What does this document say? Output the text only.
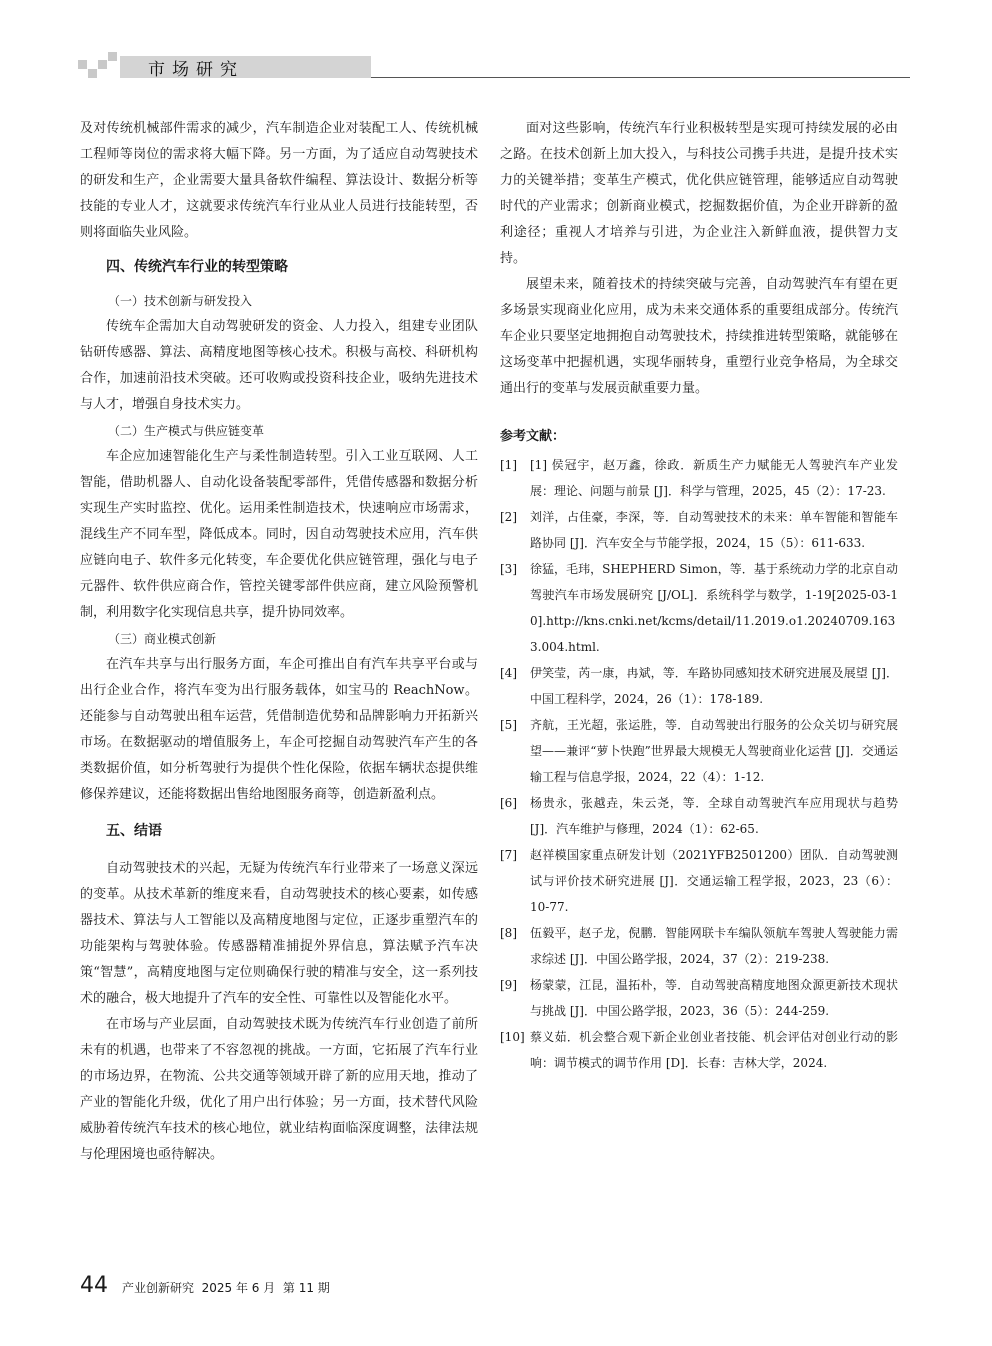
市场研究

及对传统机械部件需求的减少，汽车制造企业对装配工人、传统机械工程师等岗位的需求将大幅下降。另一方面，为了适应自动驾驶技术的研发和生产，企业需要大量具备软件编程、算法设计、数据分析等技能的专业人才，这就要求传统汽车行业从业人员进行技能转型，否则将面临失业风险。

四、传统汽车行业的转型策略
（一）技术创新与研发投入

传统车企需加大自动驾驶研发的资金、人力投入，组建专业团队钻研传感器、算法、高精度地图等核心技术。积极与高校、科研机构合作，加速前沿技术突破。还可收购或投资科技企业，吸纳先进技术与人才，增强自身技术实力。

（二）生产模式与供应链变革

车企应加速智能化生产与柔性制造转型。引入工业互联网、人工智能，借助机器人、自动化设备装配零部件，凭借传感器和数据分析实现生产实时监控、优化。运用柔性制造技术，快速响应市场需求，混线生产不同车型，降低成本。同时，因自动驾驶技术应用，汽车供应链向电子、软件多元化转变，车企要优化供应链管理，强化与电子元器件、软件供应商合作，管控关键零部件供应商，建立风险预警机制，利用数字化实现信息共享，提升协同效率。

（三）商业模式创新

在汽车共享与出行服务方面，车企可推出自有汽车共享平台或与出行企业合作，将汽车变为出行服务载体，如宝马的 ReachNow。还能参与自动驾驶出租车运营，凭借制造优势和品牌影响力开拓新兴市场。在数据驱动的增值服务上，车企可挖掘自动驾驶汽车产生的各类数据价值，如分析驾驶行为提供个性化保险，依据车辆状态提供维修保养建议，还能将数据出售给地图服务商等，创造新盈利点。

五、结语

自动驾驶技术的兴起，无疑为传统汽车行业带来了一场意义深远的变革。从技术革新的维度来看，自动驾驶技术的核心要素，如传感器技术、算法与人工智能以及高精度地图与定位，正逐步重塑汽车的功能架构与驾驶体验。传感器精准捕捉外界信息，算法赋予汽车决策“智慧”，高精度地图与定位则确保行驶的精准与安全，这一系列技术的融合，极大地提升了汽车的安全性、可靠性以及智能化水平。

在市场与产业层面，自动驾驶技术既为传统汽车行业创造了前所未有的机遇，也带来了不容忽视的挑战。一方面，它拓展了汽车行业的市场边界，在物流、公共交通等领域开辟了新的应用天地，推动了产业的智能化升级，优化了用户出行体验；另一方面，技术替代风险威胁着传统汽车技术的核心地位，就业结构面临深度调整，法律法规与伦理困境也亟待解决。

面对这些影响，传统汽车行业积极转型是实现可持续发展的必由之路。在技术创新上加大投入，与科技公司携手共进，是提升技术实力的关键举措；变革生产模式，优化供应链管理，能够适应自动驾驶时代的产业需求；创新商业模式，挖掘数据价值，为企业开辟新的盈利途径；重视人才培养与引进，为企业注入新鲜血液，提供智力支持。

展望未来，随着技术的持续突破与完善，自动驾驶汽车有望在更多场景实现商业化应用，成为未来交通体系的重要组成部分。传统汽车企业只要坚定地拥抱自动驾驶技术，持续推进转型策略，就能够在这场变革中把握机遇，实现华丽转身，重塑行业竞争格局，为全球交通出行的变革与发展贡献重要力量。

参考文献：
[1]	[1] 侯冠宇，赵万鑫，徐政．新质生产力赋能无人驾驶汽车产业发展：理论、问题与前景 [J]．科学与管理，2025，45（2）：17-23.
[2]	刘洋，占佳豪，李深，等．自动驾驶技术的未来：单车智能和智能车路协同 [J]．汽车安全与节能学报，2024，15（5）：611-633.
[3]	徐猛，毛玮，SHEPHERD Simon，等．基于系统动力学的北京自动驾驶汽车市场发展研究 [J/OL]．系统科学与数学，1-19[2025-03-10].http://kns.cnki.net/kcms/detail/11.2019.o1.20240709.1633.004.html.
[4]	伊笑莹，芮一康，冉斌，等．车路协同感知技术研究进展及展望 [J]．中国工程科学，2024，26（1）：178-189.
[5]	齐航，王光超，张运胜，等．自动驾驶出行服务的公众关切与研究展望——兼评“萝卜快跑”世界最大规模无人驾驶商业化运营 [J]．交通运输工程与信息学报，2024，22（4）：1-12.
[6]	杨贵永，张越垚，朱云尧，等．全球自动驾驶汽车应用现状与趋势 [J]．汽车维护与修理，2024（1）：62-65.
[7]	赵祥模国家重点研发计划（2021YFB2501200）团队．自动驾驶测试与评价技术研究进展 [J]．交通运输工程学报，2023，23（6）：10-77.
[8]	伍毅平，赵子龙，倪鹏．智能网联卡车编队领航车驾驶人驾驶能力需求综述 [J]．中国公路学报，2024，37（2）：219-238.
[9]	杨蒙蒙，江昆，温拓朴，等．自动驾驶高精度地图众源更新技术现状与挑战 [J]．中国公路学报，2023，36（5）：244-259.
[10] 蔡义茹．机会整合观下新企业创业者技能、机会评估对创业行动的影响：调节模式的调节作用 [D]．长春：吉林大学，2024.
44 产业创新研究  2025 年 6 月  第 11 期
